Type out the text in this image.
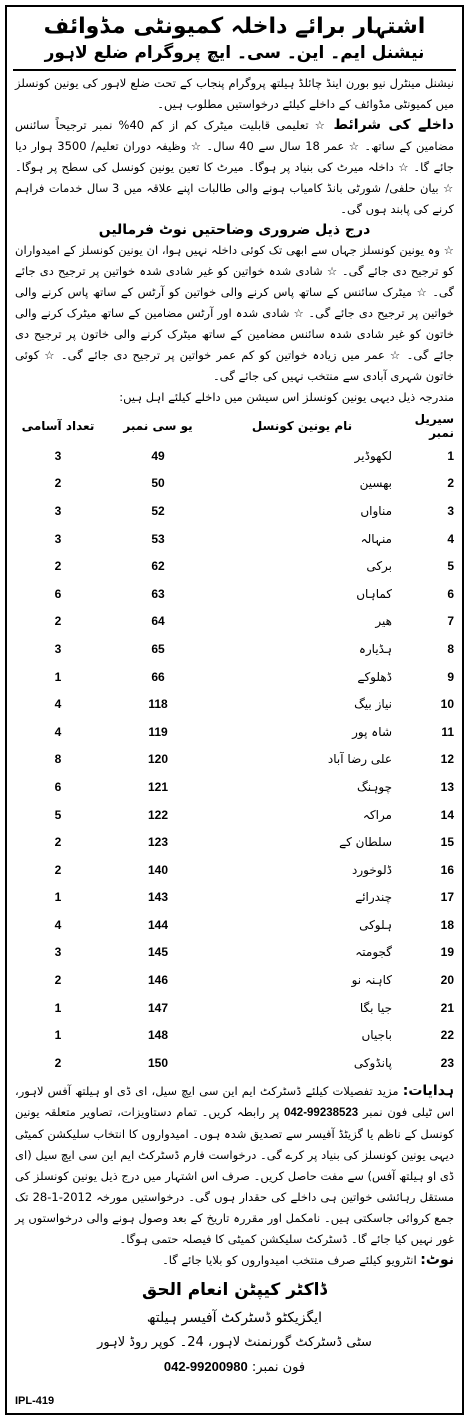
اشتہار برائے داخلہ کمیونٹی مڈوائف
نیشنل ایم۔ این۔ سی۔ ایچ پروگرام ضلع لاہور
نیشنل مینٹرل نیو بورن اینڈ چائلڈ ہیلتھ پروگرام پنجاب کے تحت ضلع لاہور کی یونین کونسلز میں کمیونٹی مڈوائف کے داخلے کیلئے درخواستیں مطلوب ہیں۔
داخلے کی شرائط ☆ تعلیمی قابلیت میٹرک کم از کم 40% نمبر ترجیحاً سائنس مضامین کے ساتھ۔ ☆ عمر 18 سال سے 40 سال۔ ☆ وظیفہ دوران تعلیم/ 3500 ہوار دیا جائے گا۔ ☆ داخلہ میرٹ کی بنیاد پر ہوگا۔ میرٹ کا تعین یونین کونسل کی سطح پر ہوگا۔ ☆ بیان حلفی/ شورٹی بانڈ کامیاب ہونے والی طالبات اپنے علاقہ میں 3 سال خدمات فراہم کرنے کی پابند ہوں گی۔
درج ذیل ضروری وضاحتیں نوٹ فرمالیں
☆ وہ یونین کونسلز جہاں سے ابھی تک کوئی داخلہ نہیں ہوا، ان یونین کونسلز کے امیدواران کو ترجیح دی جائے گی۔ ☆ شادی شدہ خواتین کو غیر شادی شدہ خواتین پر ترجیح دی جائے گی۔ ☆ میٹرک سائنس کے ساتھ پاس کرنے والی خواتین کو آرٹس کے ساتھ پاس کرنے والی خواتین پر ترجیح دی جائے گی۔ ☆ شادی شدہ اور آرٹس مضامین کے ساتھ میٹرک کرنے والی خاتون کو غیر شادی شدہ سائنس مضامین کے ساتھ میٹرک کرنے والی خاتون پر ترجیح دی جائے گی۔ ☆ عمر میں زیادہ خواتین کو کم عمر خواتین پر ترجیح دی جائے گی۔ ☆ کوئی خاتون شہری آبادی سے منتخب نہیں کی جائے گی۔
مندرجہ ذیل دیہی یونین کونسلز اس سیشن میں داخلے کیلئے اہل ہیں:
سیریل نمبر	نام یونین کونسل	یو سی نمبر	تعداد آسامی
1	لکھوڈیر	49	3
2	بھسین	50	2
3	مناواں	52	3
4	منہالہ	53	3
5	برکی	62	2
6	کماہاں	63	6
7	ھیر	64	2
8	ہڈیارہ	65	3
9	ڈھلوکے	66	1
10	نیاز بیگ	118	4
11	شاہ پور	119	4
12	علی رضا آباد	120	8
13	چوہنگ	121	6
14	مراکہ	122	5
15	سلطان کے	123	2
16	ڈلوخورد	140	2
17	چندرائے	143	1
18	ہلوکی	144	4
19	گجومتہ	145	3
20	کاہنہ نو	146	2
21	جیا بگا	147	1
22	باجیاں	148	1
23	پانڈوکی	150	2
ہدایات: مزید تفصیلات کیلئے ڈسٹرکٹ ایم این سی ایچ سیل، ای ڈی او ہیلتھ آفس لاہور، اس ٹیلی فون نمبر 042-99238523 پر رابطہ کریں۔ تمام دستاویزات، تصاویر متعلقہ یونین کونسل کے ناظم یا گزیٹڈ آفیسر سے تصدیق شدہ ہوں۔ امیدواروں کا انتخاب سلیکشن کمیٹی دیہی یونین کونسلز کی بنیاد پر کرے گی۔ درخواست فارم ڈسٹرکٹ ایم این سی ایچ سیل (ای ڈی او ہیلتھ آفس) سے مفت حاصل کریں۔ صرف اس اشتہار میں درج ذیل یونین کونسلز کی مستقل رہائشی خواتین ہی داخلے کی حقدار ہوں گی۔ درخواستیں مورخہ 2012-1-28 تک جمع کروائی جاسکتی ہیں۔ نامکمل اور مقررہ تاریخ کے بعد وصول ہونے والی درخواستوں پر غور نہیں کیا جائے گا۔ ڈسٹرکٹ سلیکشن کمیٹی کا فیصلہ حتمی ہوگا۔
نوٹ: انٹرویو کیلئے صرف منتخب امیدواروں کو بلایا جائے گا۔
ڈاکٹر کیپٹن انعام الحق
ایگزیکٹو ڈسٹرکٹ آفیسر ہیلتھ
سٹی ڈسٹرکٹ گورنمنٹ لاہور، 24۔ کوپر روڈ لاہور
فون نمبر: 042-99200980
IPL-419
